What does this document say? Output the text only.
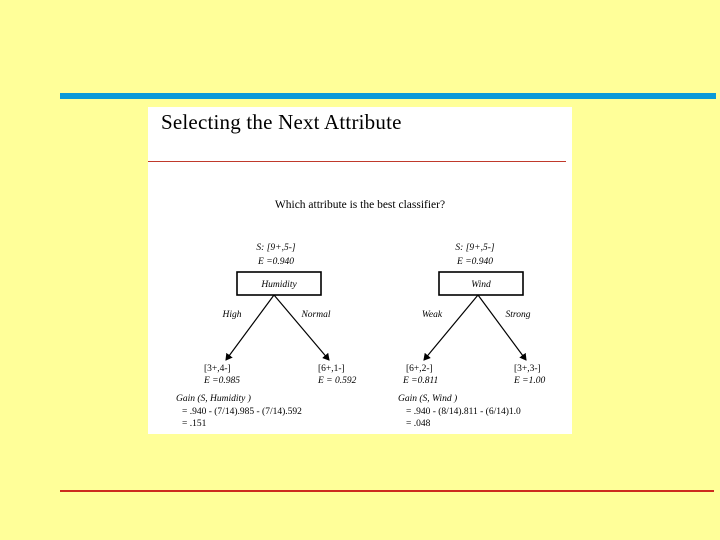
Selecting the Next Attribute
Which attribute is the best classifier?
S: [9+,5-]
E =0.940
Humidity
High	Normal
[3+,4-]
E =0.985
[6+,1-]
E = 0.592
Gain (S, Humidity )
= .940 - (7/14).985 - (7/14).592
= .151
S: [9+,5-]
E =0.940
Wind
Weak	Strong
[6+,2-]
E =0.811
[3+,3-]
E =1.00
Gain (S, Wind )
= .940 - (8/14).811 - (6/14)1.0
= .048
